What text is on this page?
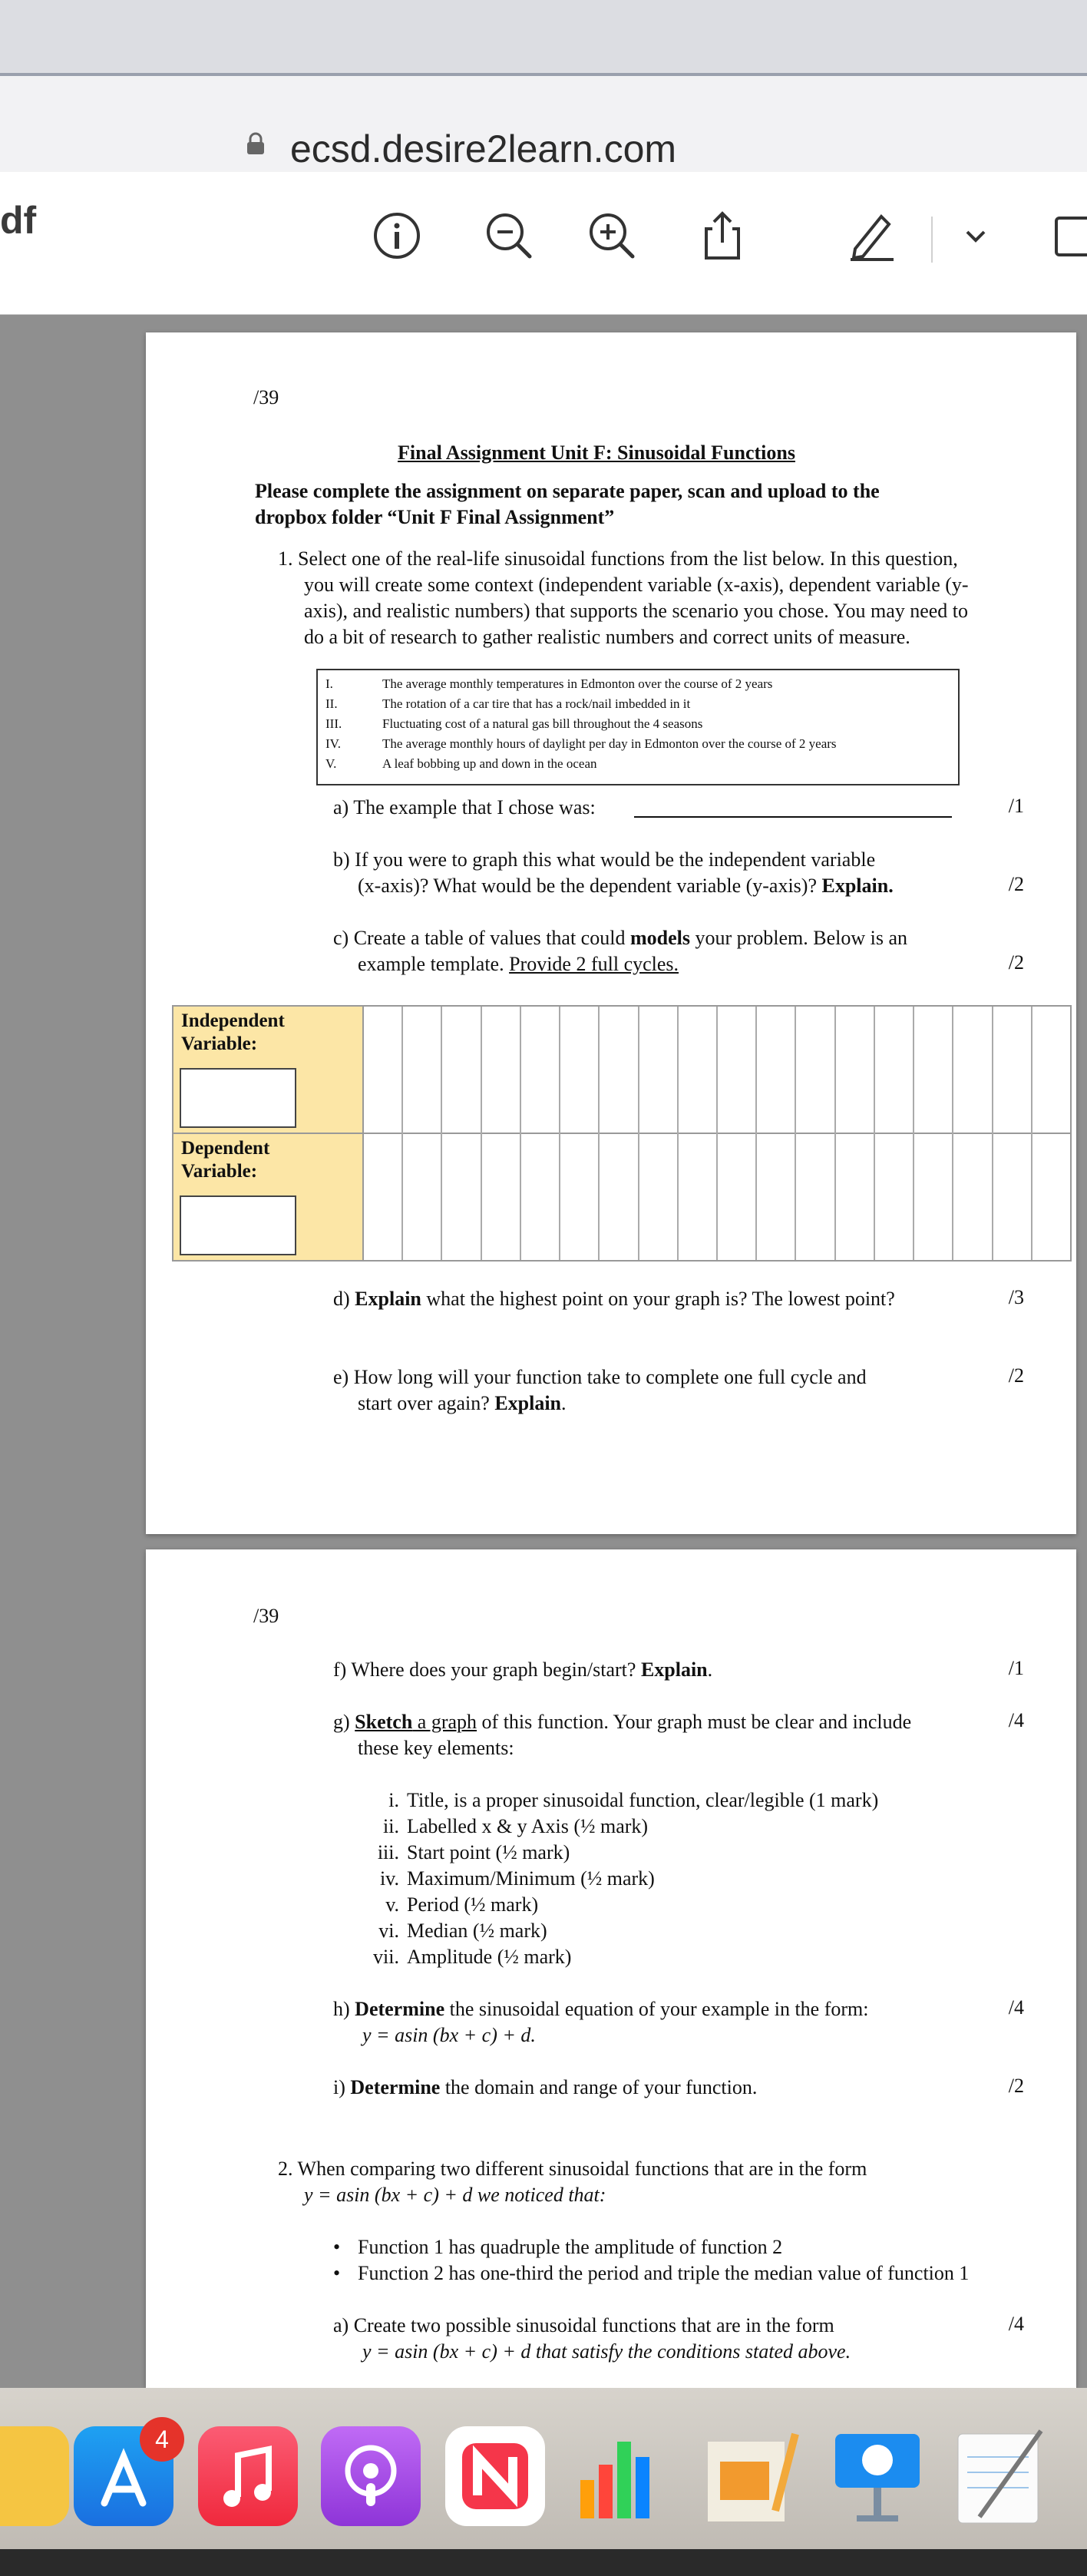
ecsd.desire2learn.com
df
/39
Final Assignment Unit F: Sinusoidal Functions
Please complete the assignment on separate paper, scan and upload to the
dropbox folder “Unit F Final Assignment”
1. Select one of the real-life sinusoidal functions from the list below. In this question,
you will create some context (independent variable (x-axis), dependent variable (y-
axis), and realistic numbers) that supports the scenario you chose. You may need to
do a bit of research to gather realistic numbers and correct units of measure.
I.	The average monthly temperatures in Edmonton over the course of 2 years
II.	The rotation of a car tire that has a rock/nail imbedded in it
III.	Fluctuating cost of a natural gas bill throughout the 4 seasons
IV.	The average monthly hours of daylight per day in Edmonton over the course of 2 years
V.	A leaf bobbing up and down in the ocean
a) The example that I chose was:	/1
b) If you were to graph this what would be the independent variable
(x-axis)? What would be the dependent variable (y-axis)? Explain.	/2
c) Create a table of values that could models your problem. Below is an
example template. Provide 2 full cycles.	/2
Independent
Variable:
Dependent
Variable:
d) Explain what the highest point on your graph is? The lowest point?	/3
e) How long will your function take to complete one full cycle and
start over again? Explain.
/2
/39
f) Where does your graph begin/start? Explain.	/1
g) Sketch a graph of this function. Your graph must be clear and include
these key elements:
/4
i. Title, is a proper sinusoidal function, clear/legible (1 mark)
ii. Labelled x & y Axis (½ mark)
iii. Start point (½ mark)
iv. Maximum/Minimum (½ mark)
v. Period (½ mark)
vi. Median (½ mark)
vii. Amplitude (½ mark)
h) Determine the sinusoidal equation of your example in the form:
y = asin (bx + c) + d.
/4
i) Determine the domain and range of your function.	/2
2. When comparing two different sinusoidal functions that are in the form
y = asin (bx + c) + d we noticed that:
• Function 1 has quadruple the amplitude of function 2
• Function 2 has one-third the period and triple the median value of function 1
a) Create two possible sinusoidal functions that are in the form
y = asin (bx + c) + d that satisfy the conditions stated above.
/4
4
